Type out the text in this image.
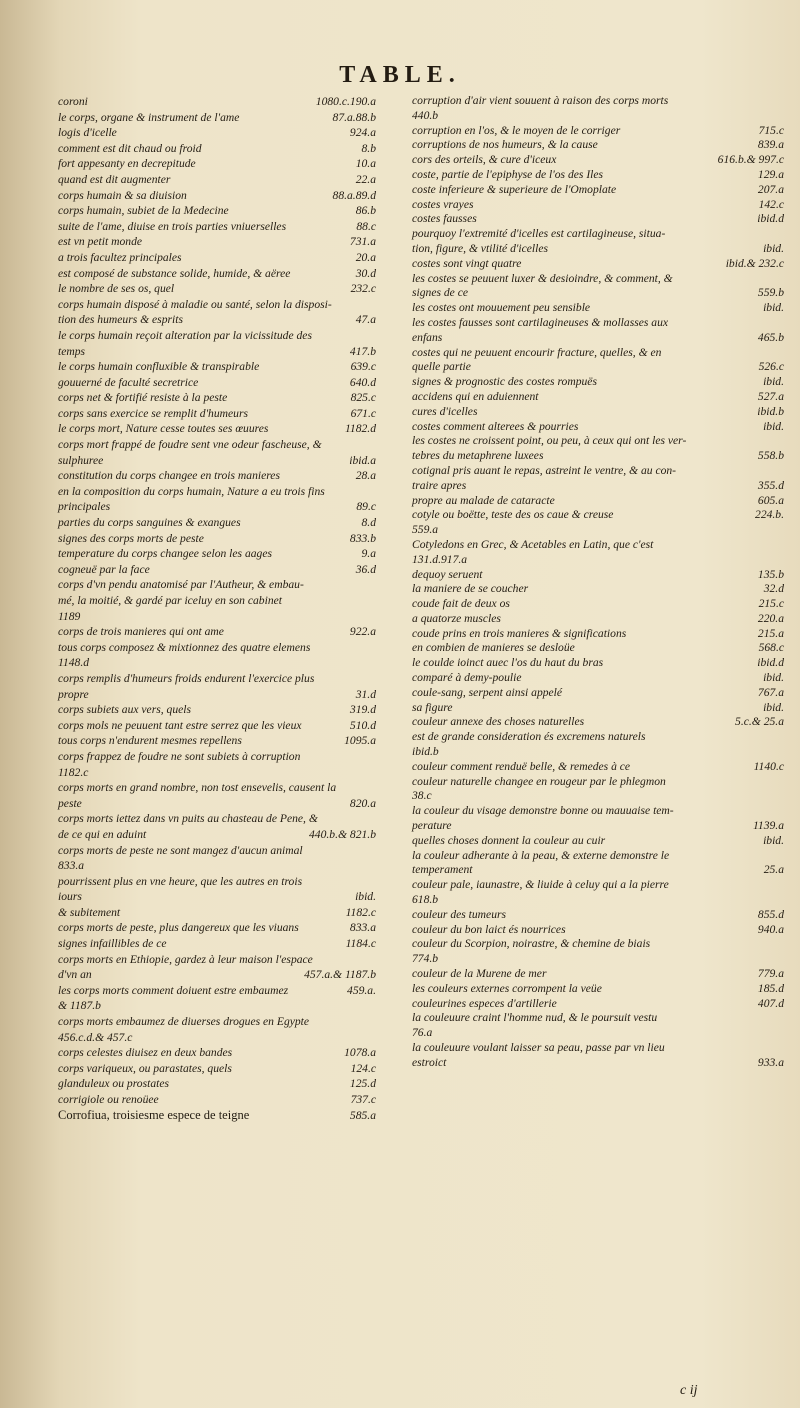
TABLE.
coroni	1080.c.190.a
le corps, organe & instrument de l'ame	87.a.88.b
logis d'icelle	924.a
comment est dit chaud ou froid	8.b
fort appesanty en decrepitude	10.a
quand est dit augmenter	22.a
corps humain & sa diuision	88.a.89.d
corps humain, subiet de la Medecine	86.b
suite de l'ame, diuise en trois parties vniuerselles	88.c
est vn petit monde	731.a
a trois facultez principales	20.a
est composé de substance solide, humide, & aëree	30.d
le nombre de ses os, quel	232.c
corps humain disposé à maladie ou santé, selon la disposi-
tion des humeurs & esprits	47.a
le corps humain reçoit alteration par la vicissitude des
temps	417.b
le corps humain confluxible & transpirable	639.c
gouuerné de faculté secretrice	640.d
corps net & fortifié resiste à la peste	825.c
corps sans exercice se remplit d'humeurs	671.c
le corps mort, Nature cesse toutes ses œuures	1182.d
corps mort frappé de foudre sent vne odeur fascheuse, &
sulphuree	ibid.a
constitution du corps changee en trois manieres	28.a
en la composition du corps humain, Nature a eu trois fins
principales	89.c
parties du corps sanguines & exangues	8.d
signes des corps morts de peste	833.b
temperature du corps changee selon les aages	9.a
cogneuë par la face	36.d
corps d'vn pendu anatomisé par l'Autheur, & embau-
mé, la moitié, & gardé par iceluy en son cabinet
1189
corps de trois manieres qui ont ame	922.a
tous corps composez & mixtionnez des quatre elemens
1148.d
corps remplis d'humeurs froids endurent l'exercice plus
propre	31.d
corps subiets aux vers, quels	319.d
corps mols ne peuuent tant estre serrez que les vieux	510.d
tous corps n'endurent mesmes repellens	1095.a
corps frappez de foudre ne sont subiets à corruption
1182.c
corps morts en grand nombre, non tost ensevelis, causent la
peste	820.a
corps morts iettez dans vn puits au chasteau de Pene, &
de ce qui en aduint	440.b.& 821.b
corps morts de peste ne sont mangez d'aucun animal
833.a
pourrissent plus en vne heure, que les autres en trois
iours	ibid.
& subitement	1182.c
corps morts de peste, plus dangereux que les viuans	833.a
signes infaillibles de ce	1184.c
corps morts en Ethiopie, gardez à leur maison l'espace
d'vn an	457.a.& 1187.b
les corps morts comment doiuent estre embaumez	459.a.
& 1187.b
corps morts embaumez de diuerses drogues en Egypte
456.c.d.& 457.c
corps celestes diuisez en deux bandes	1078.a
corps variqueux, ou parastates, quels	124.c
glanduleux ou prostates	125.d
corrigiole ou renoüee	737.c
Corrofiua, troisiesme espece de teigne	585.a
corruption d'air vient souuent à raison des corps morts
440.b
corruption en l'os, & le moyen de le corriger	715.c
corruptions de nos humeurs, & la cause	839.a
cors des orteils, & cure d'iceux	616.b.& 997.c
coste, partie de l'epiphyse de l'os des Iles	129.a
coste inferieure & superieure de l'Omoplate	207.a
costes vrayes	142.c
costes fausses	ibid.d
pourquoy l'extremité d'icelles est cartilagineuse, situa-
tion, figure, & vtilité d'icelles	ibid.
costes sont vingt quatre	ibid.& 232.c
les costes se peuuent luxer & desioindre, & comment, &
signes de ce	559.b
les costes ont mouuement peu sensible	ibid.
les costes fausses sont cartilagineuses & mollasses aux
enfans	465.b
costes qui ne peuuent encourir fracture, quelles, & en
quelle partie	526.c
signes & prognostic des costes rompuës	ibid.
accidens qui en aduiennent	527.a
cures d'icelles	ibid.b
costes comment alterees & pourries	ibid.
les costes ne croissent point, ou peu, à ceux qui ont les ver-
tebres du metaphrene luxees	558.b
cotignal pris auant le repas, astreint le ventre, & au con-
traire apres	355.d
propre au malade de cataracte	605.a
cotyle ou boëtte, teste des os caue & creuse	224.b.
559.a
Cotyledons en Grec, & Acetables en Latin, que c'est
131.d.917.a
dequoy seruent	135.b
la maniere de se coucher	32.d
coude fait de deux os	215.c
a quatorze muscles	220.a
coude prins en trois manieres & significations	215.a
en combien de manieres se desloüe	568.c
le coulde ioinct auec l'os du haut du bras	ibid.d
comparé à demy-poulie	ibid.
coule-sang, serpent ainsi appelé	767.a
sa figure	ibid.
couleur annexe des choses naturelles	5.c.& 25.a
est de grande consideration és excremens naturels
ibid.b
couleur comment renduë belle, & remedes à ce	1140.c
couleur naturelle changee en rougeur par le phlegmon
38.c
la couleur du visage demonstre bonne ou mauuaise tem-
perature	1139.a
quelles choses donnent la couleur au cuir	ibid.
la couleur adherante à la peau, & externe demonstre le
temperament	25.a
couleur pale, iaunastre, & liuide à celuy qui a la pierre
618.b
couleur des tumeurs	855.d
couleur du bon laict és nourrices	940.a
couleur du Scorpion, noirastre, & chemine de biais
774.b
couleur de la Murene de mer	779.a
les couleurs externes corrompent la veüe	185.d
couleurines especes d'artillerie	407.d
la couleuure craint l'homme nud, & le poursuit vestu
76.a
la couleuure voulant laisser sa peau, passe par vn lieu
estroict	933.a
c ij
